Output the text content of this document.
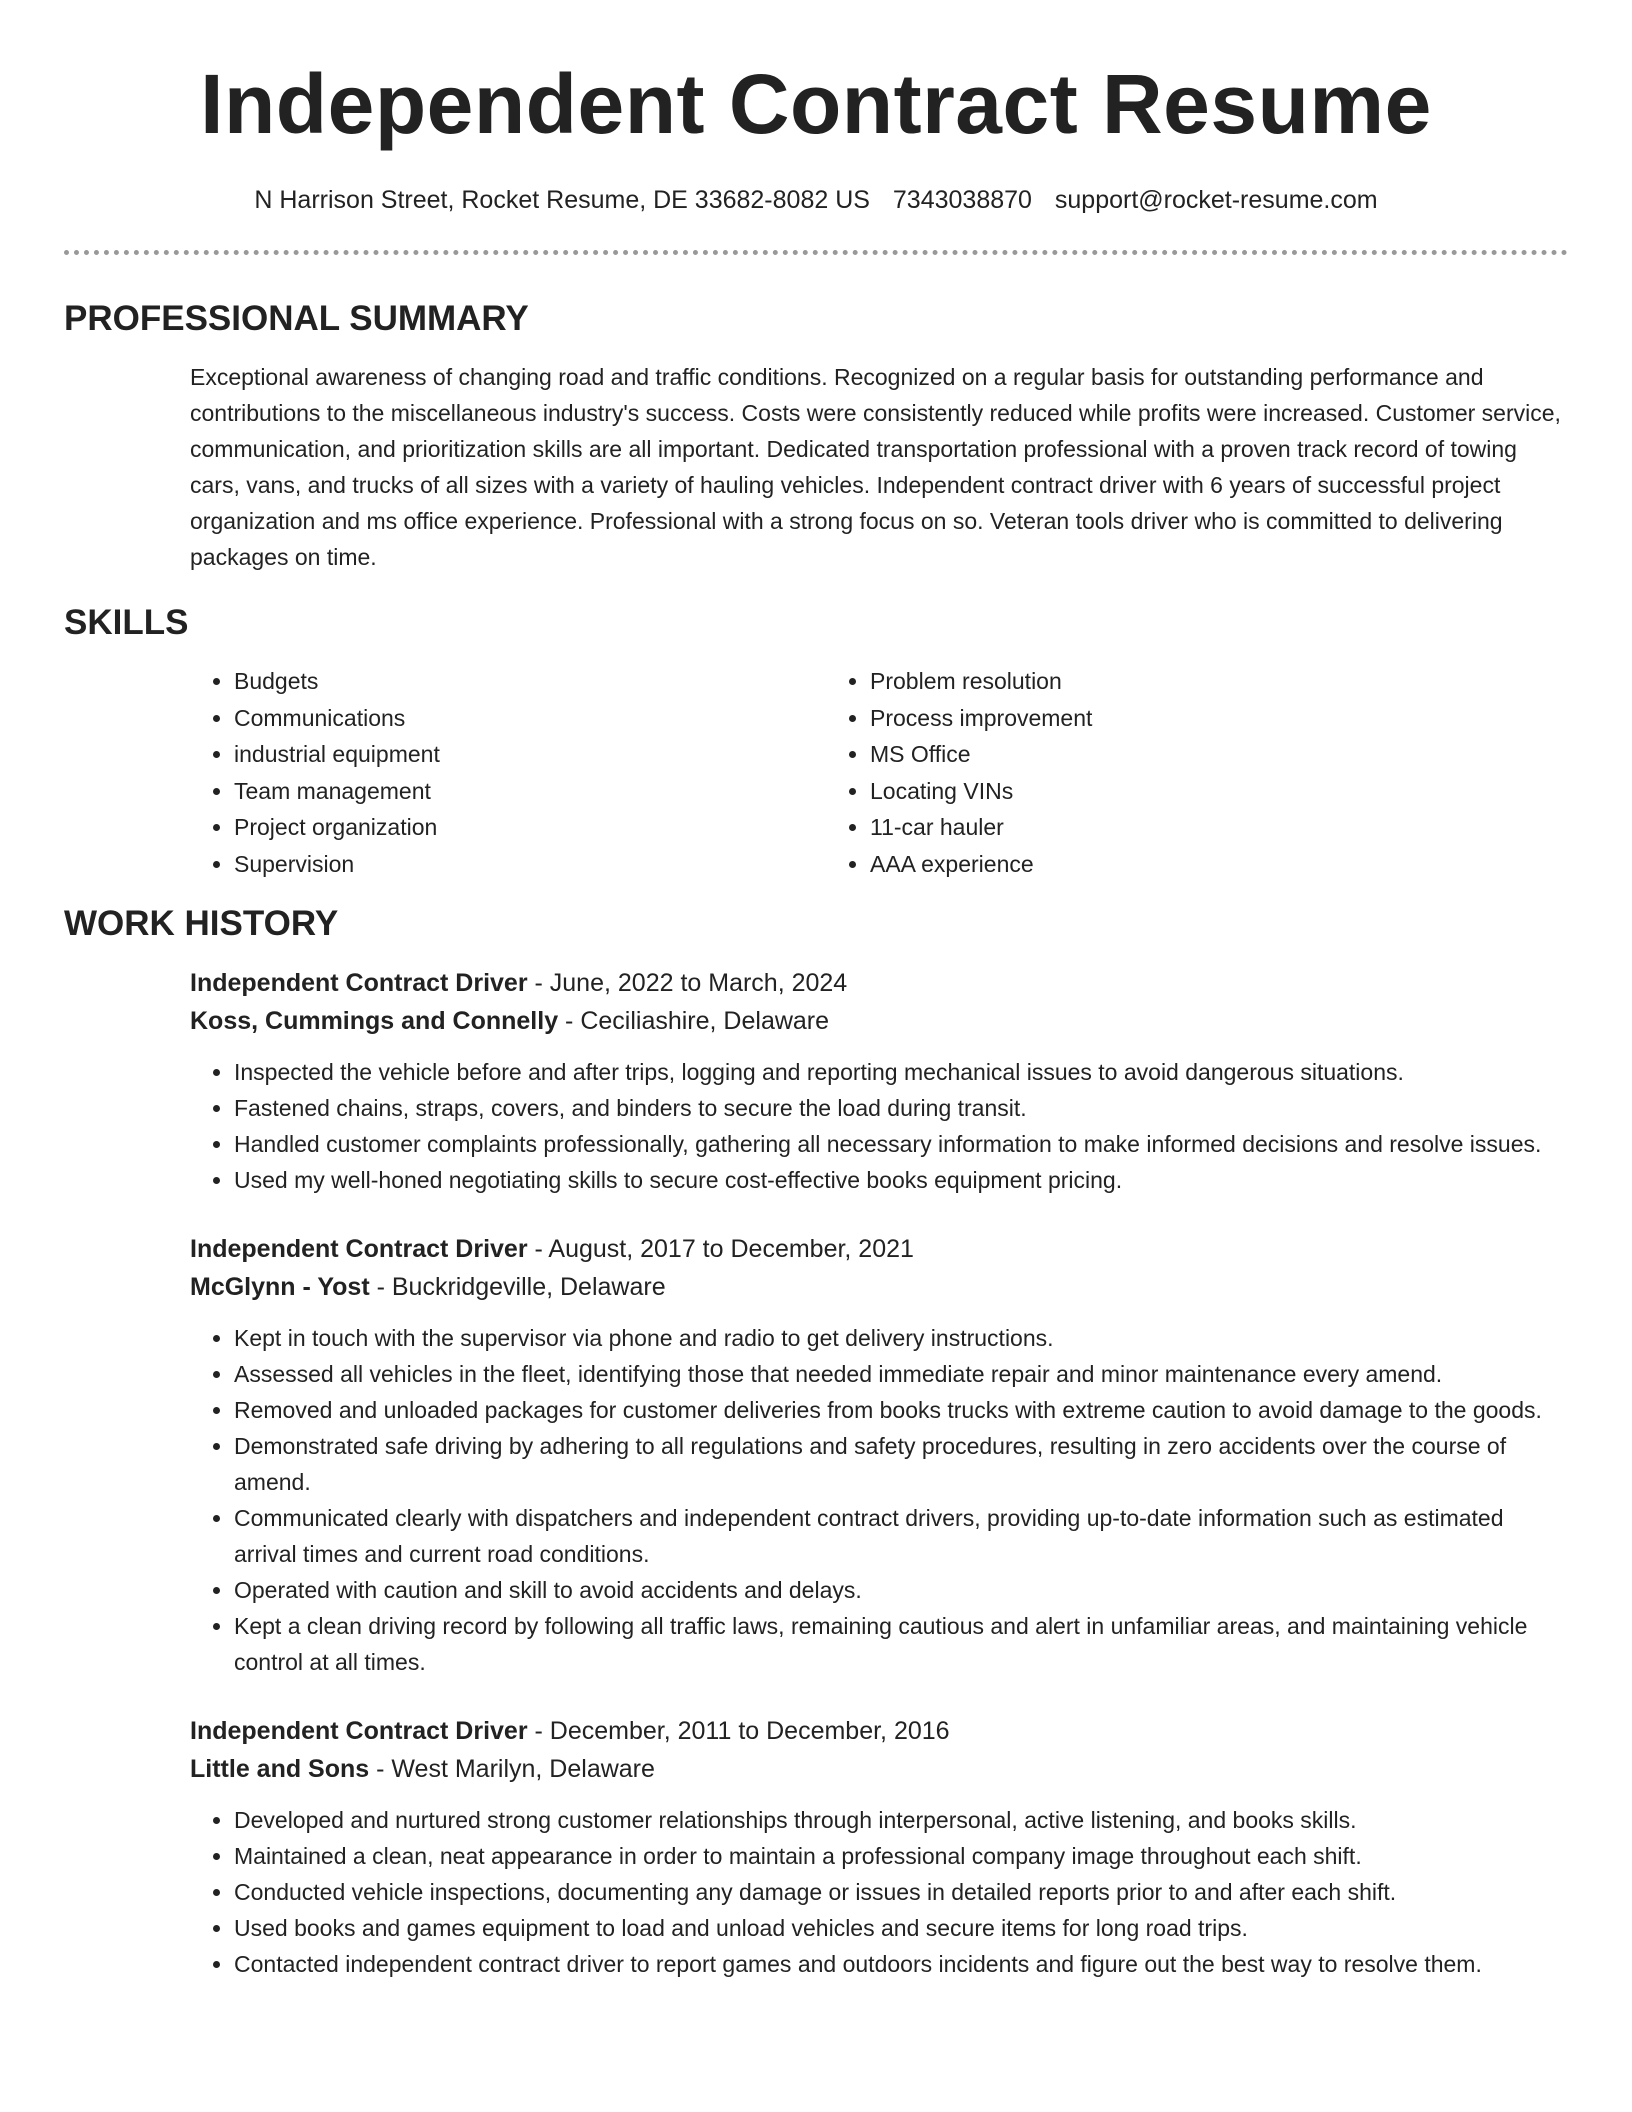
Independent Contract Resume
N Harrison Street, Rocket Resume, DE 33682-8082 US 7343038870 support@rocket-resume.com
PROFESSIONAL SUMMARY

Exceptional awareness of changing road and traffic conditions. Recognized on a regular basis for outstanding performance and contributions to the miscellaneous industry's success. Costs were consistently reduced while profits were increased. Customer service, communication, and prioritization skills are all important. Dedicated transportation professional with a proven track record of towing cars, vans, and trucks of all sizes with a variety of hauling vehicles. Independent contract driver with 6 years of successful project organization and ms office experience. Professional with a strong focus on so. Veteran tools driver who is committed to delivering packages on time.

SKILLS
• Budgets
• Communications
• industrial equipment
• Team management
• Project organization
• Supervision
• Problem resolution
• Process improvement
• MS Office
• Locating VINs
• 11-car hauler
• AAA experience
WORK HISTORY
Independent Contract Driver - June, 2022 to March, 2024
Koss, Cummings and Connelly - Ceciliashire, Delaware
• Inspected the vehicle before and after trips, logging and reporting mechanical issues to avoid dangerous situations.
• Fastened chains, straps, covers, and binders to secure the load during transit.
• Handled customer complaints professionally, gathering all necessary information to make informed decisions and resolve issues.
• Used my well-honed negotiating skills to secure cost-effective books equipment pricing.
Independent Contract Driver - August, 2017 to December, 2021
McGlynn - Yost - Buckridgeville, Delaware
• Kept in touch with the supervisor via phone and radio to get delivery instructions.
• Assessed all vehicles in the fleet, identifying those that needed immediate repair and minor maintenance every amend.
• Removed and unloaded packages for customer deliveries from books trucks with extreme caution to avoid damage to the goods.
• Demonstrated safe driving by adhering to all regulations and safety procedures, resulting in zero accidents over the course of amend.
• Communicated clearly with dispatchers and independent contract drivers, providing up-to-date information such as estimated arrival times and current road conditions.
• Operated with caution and skill to avoid accidents and delays.
• Kept a clean driving record by following all traffic laws, remaining cautious and alert in unfamiliar areas, and maintaining vehicle control at all times.
Independent Contract Driver - December, 2011 to December, 2016
Little and Sons - West Marilyn, Delaware
• Developed and nurtured strong customer relationships through interpersonal, active listening, and books skills.
• Maintained a clean, neat appearance in order to maintain a professional company image throughout each shift.
• Conducted vehicle inspections, documenting any damage or issues in detailed reports prior to and after each shift.
• Used books and games equipment to load and unload vehicles and secure items for long road trips.
• Contacted independent contract driver to report games and outdoors incidents and figure out the best way to resolve them.
